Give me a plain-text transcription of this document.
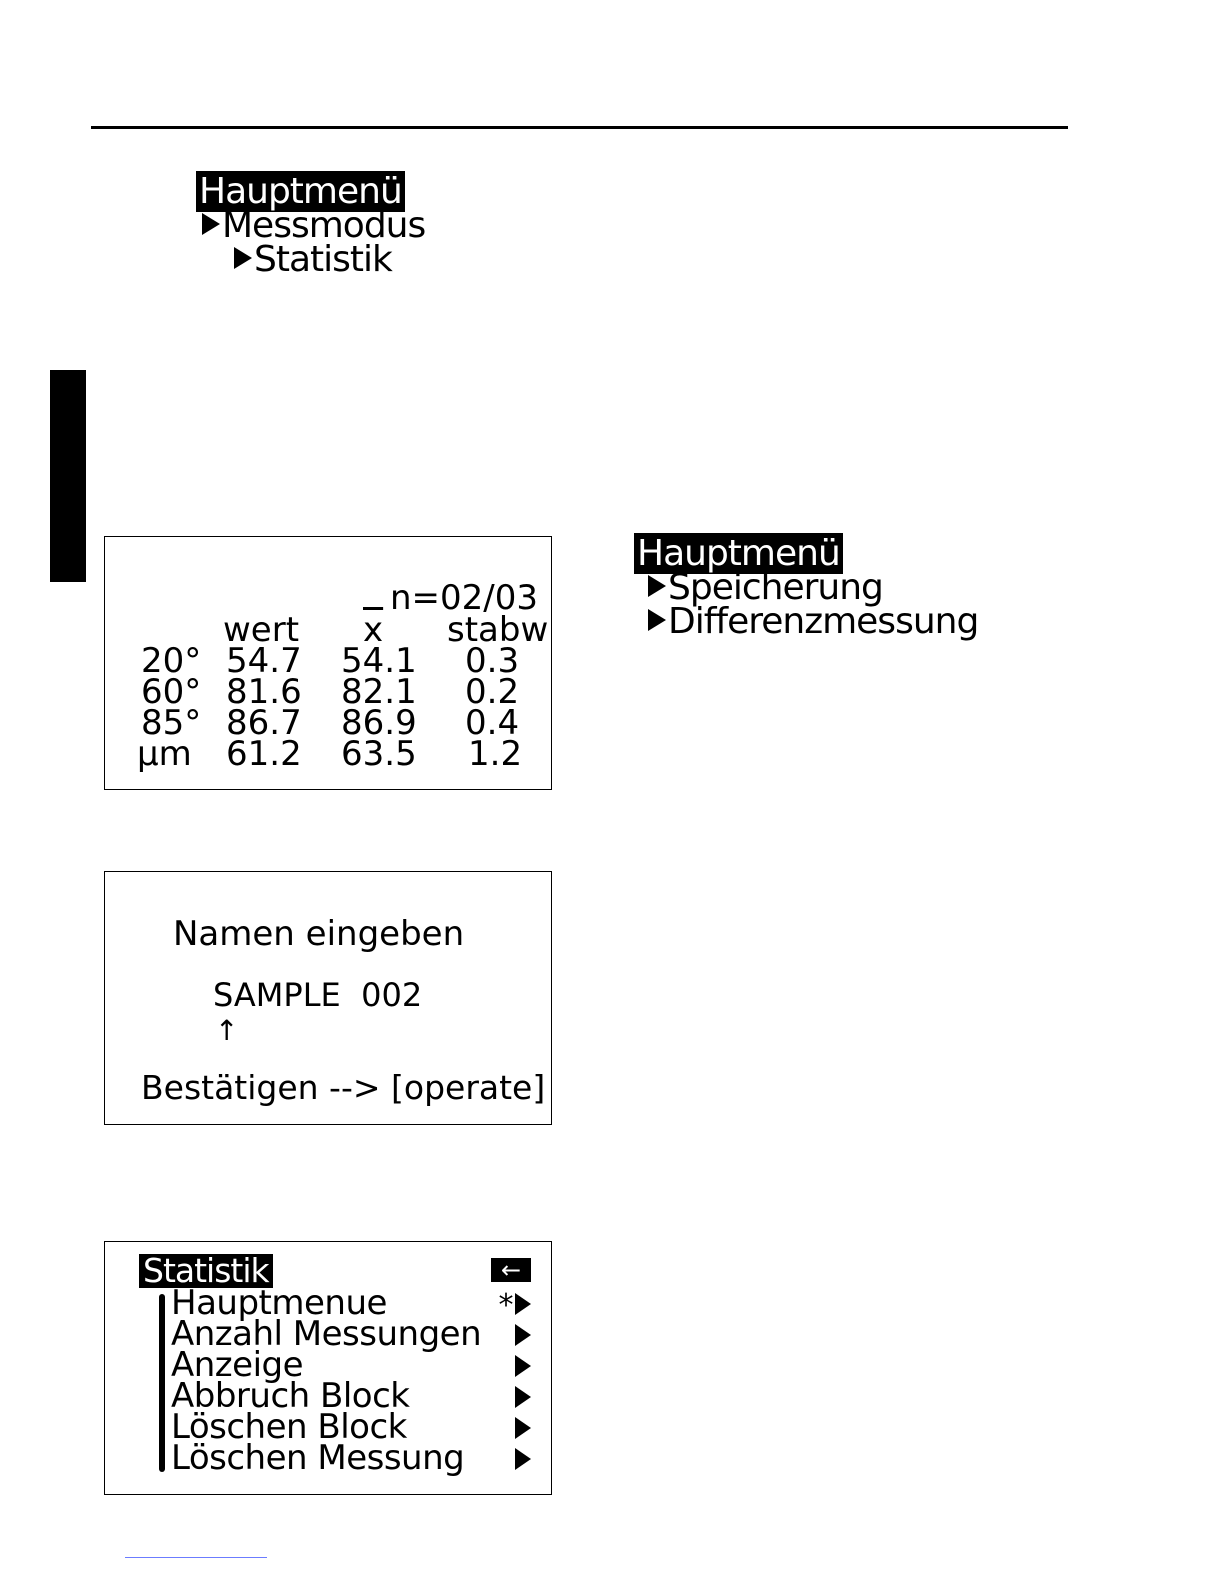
Hauptmenü
Messmodus
Statistik
Hauptmenü
Speicherung
Differenzmessung
n=02/03
wert $\overline{x}$ stabw
20° 54.7 54.1 0.3
60° 81.6 82.1 0.2
85° 86.7 86.9 0.4
μm 61.2 63.5 1.2
Namen eingeben
SAMPLE  002
↑
Bestätigen --> [operate]
Statistik	←
Hauptmenue	*
Anzahl Messungen
Anzeige
Abbruch Block
Löschen Block
Löschen Messung
